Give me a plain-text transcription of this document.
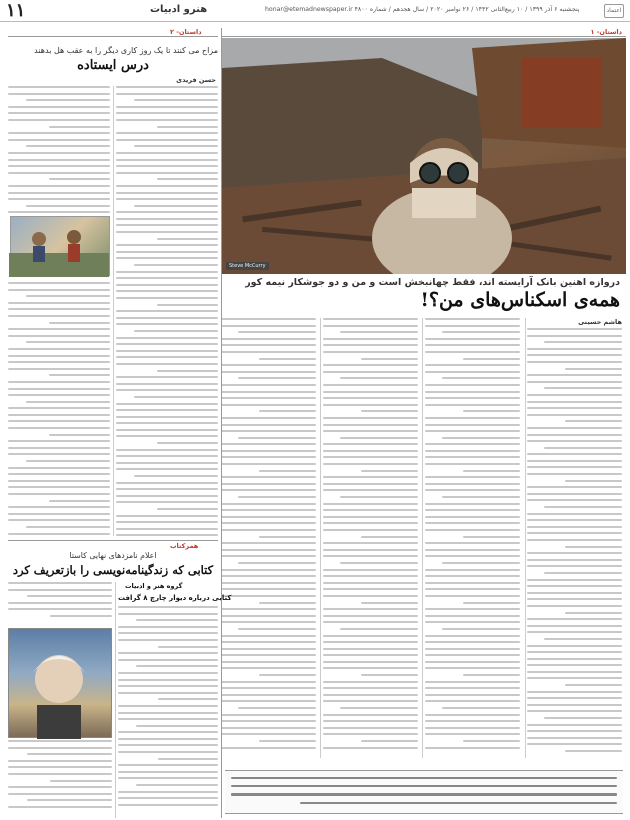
۱۱	هنرو ادبیات	پنجشنبه ۶ آذر ۱۳۹۹ / ۱۰ ربیع‌الثانی ۱۴۴۲ / ۲۶ نوامبر ۲۰۲۰ / سال هجدهم / شماره ۴۸۰۰ honar@etemadnewspaper.ir	اعتماد
داستان- ۱
داستان- ۲
Steve McCurry
دروازه اهنین بانک آرایسته اند، فقط چهانبخش است و من و دو جوشکار نیمه کور
همه‌ی اسکناس‌های من؟!
هاشم حسینی
مزاح می کنند تا یک روز کاری دیگر را به عقب هل بدهند
درس ایستاده
حسن فریدی
همرکتاب
اعلام نامزدهای نهایی کاستا
کتابی که زندگینامه‌نویسی را بازتعریف کرد
گروه هنر و ادبیات
کتابی درباره دیوار چارچ ۸ گرافت
